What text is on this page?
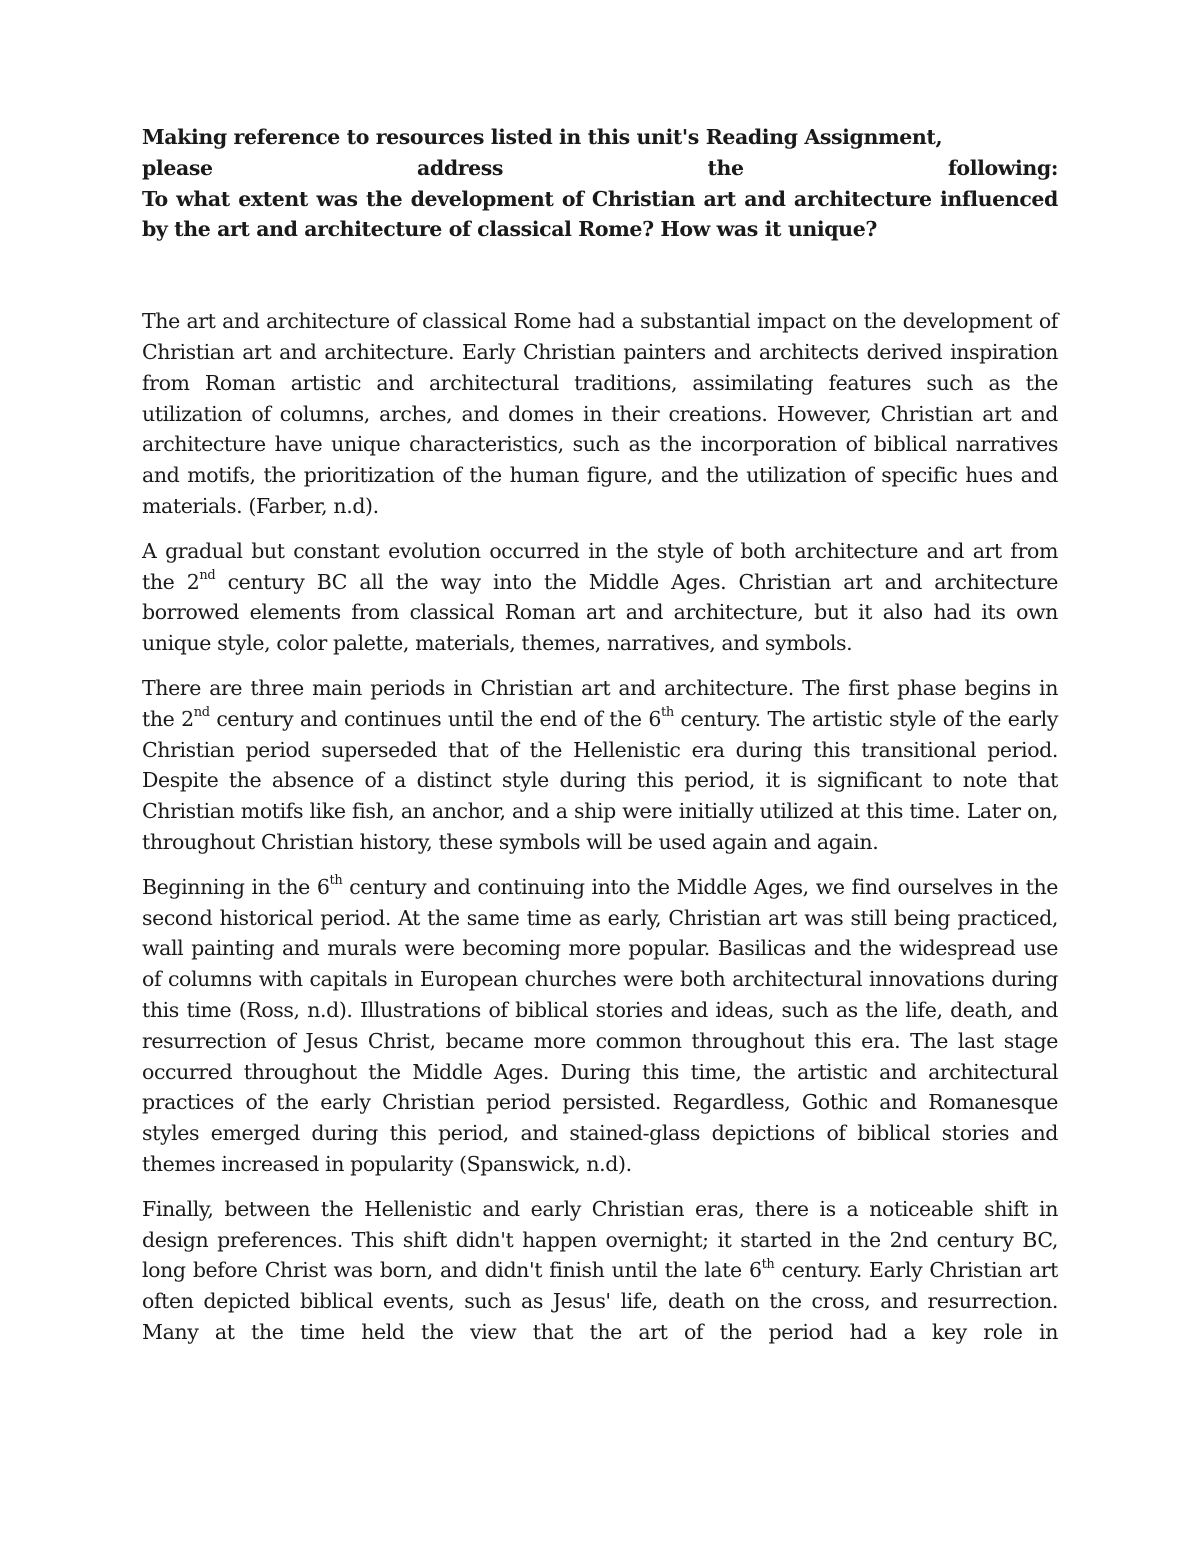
Making reference to resources listed in this unit's Reading Assignment,
please	address	the	following:
To what extent was the development of Christian art and architecture influenced by the art and architecture of classical Rome? How was it unique?

The art and architecture of classical Rome had a substantial impact on the development of Christian art and architecture. Early Christian painters and architects derived inspiration from Roman artistic and architectural traditions, assimilating features such as the utilization of columns, arches, and domes in their creations. However, Christian art and architecture have unique characteristics, such as the incorporation of biblical narratives and motifs, the prioritization of the human figure, and the utilization of specific hues and materials. (Farber, n.d).

A gradual but constant evolution occurred in the style of both architecture and art from the 2nd century BC all the way into the Middle Ages. Christian art and architecture borrowed elements from classical Roman art and architecture, but it also had its own unique style, color palette, materials, themes, narratives, and symbols.

There are three main periods in Christian art and architecture. The first phase begins in the 2nd century and continues until the end of the 6th century. The artistic style of the early Christian period superseded that of the Hellenistic era during this transitional period. Despite the absence of a distinct style during this period, it is significant to note that Christian motifs like fish, an anchor, and a ship were initially utilized at this time. Later on, throughout Christian history, these symbols will be used again and again.

Beginning in the 6th century and continuing into the Middle Ages, we find ourselves in the second historical period. At the same time as early, Christian art was still being practiced, wall painting and murals were becoming more popular. Basilicas and the widespread use of columns with capitals in European churches were both architectural innovations during this time (Ross, n.d). Illustrations of biblical stories and ideas, such as the life, death, and resurrection of Jesus Christ, became more common throughout this era. The last stage occurred throughout the Middle Ages. During this time, the artistic and architectural practices of the early Christian period persisted. Regardless, Gothic and Romanesque styles emerged during this period, and stained-glass depictions of biblical stories and themes increased in popularity (Spanswick, n.d).

Finally, between the Hellenistic and early Christian eras, there is a noticeable shift in design preferences. This shift didn't happen overnight; it started in the 2nd century BC, long before Christ was born, and didn't finish until the late 6th century. Early Christian art often depicted biblical events, such as Jesus' life, death on the cross, and resurrection. Many at the time held the view that the art of the period had a key role in
